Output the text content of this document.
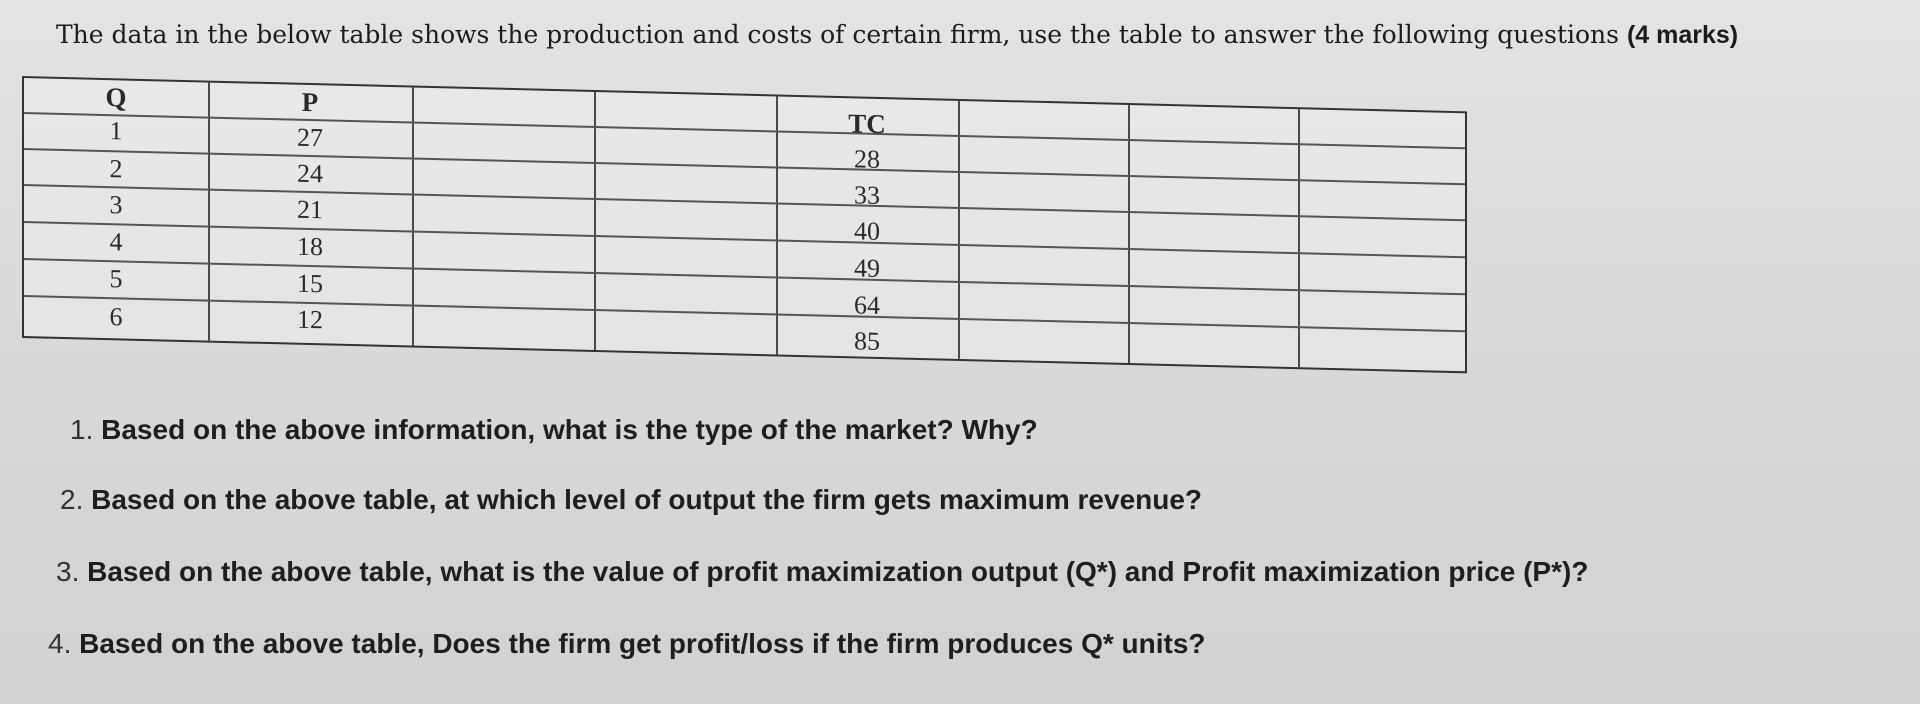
The data in the below table shows the production and costs of certain firm, use the table to answer the following questions (4 marks)
Q	P
TC
1
2
3
4
5
6
27
24
21
18
15
12
28
33
40
49
64
85
1. Based on the above information, what is the type of the market? Why?
2. Based on the above table, at which level of output the firm gets maximum revenue?
3. Based on the above table, what is the value of profit maximization output (Q*) and Profit maximization price (P*)?
4. Based on the above table, Does the firm get profit/loss if the firm produces Q* units?
